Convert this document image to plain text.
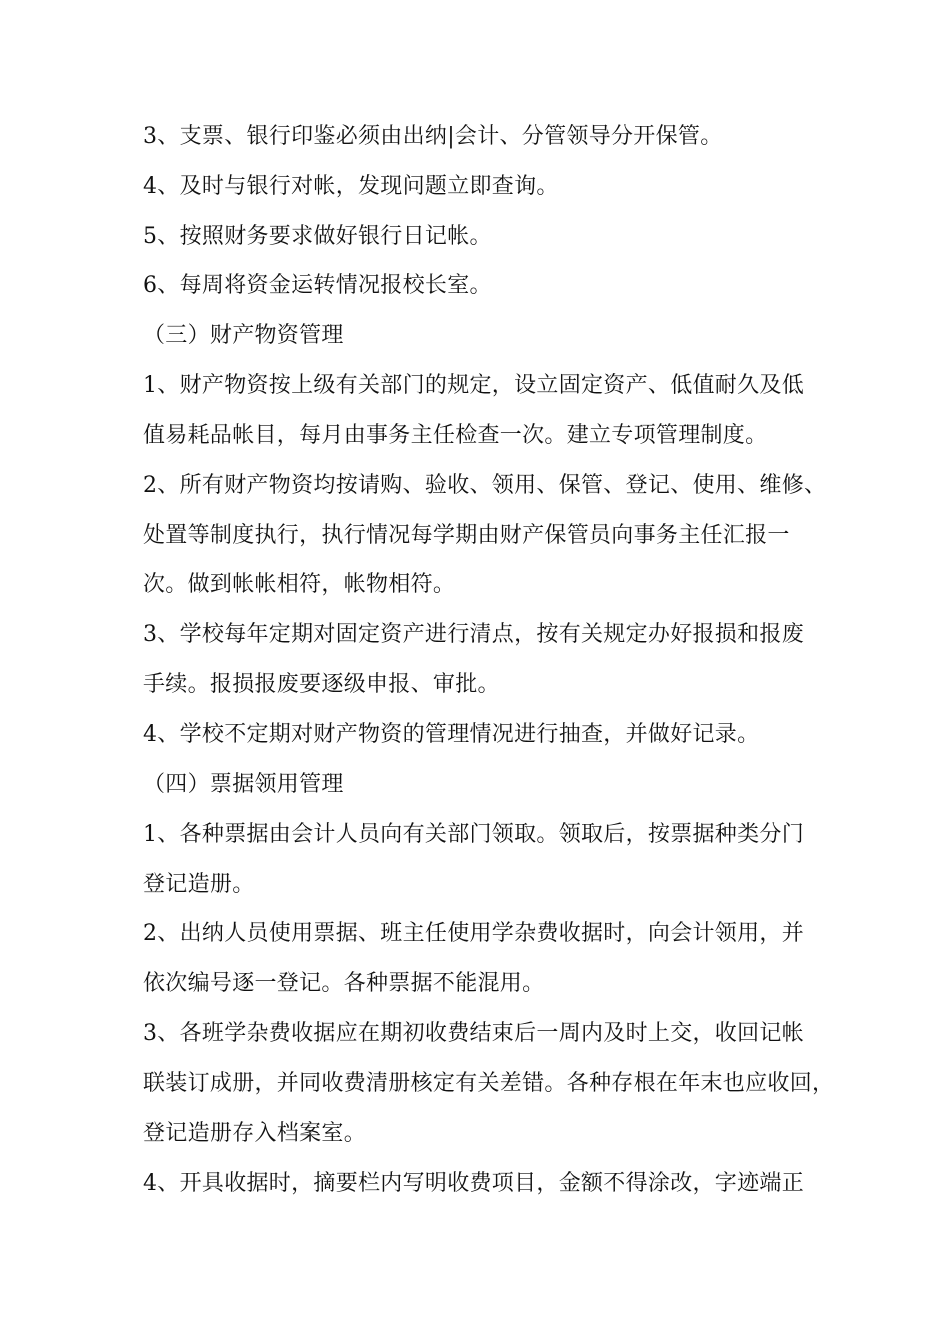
3、支票、银行印鉴必须由出纳|会计、分管领导分开保管。
4、及时与银行对帐，发现问题立即查询。
5、按照财务要求做好银行日记帐。
6、每周将资金运转情况报校长室。
（三）财产物资管理
1、财产物资按上级有关部门的规定，设立固定资产、低值耐久及低
值易耗品帐目，每月由事务主任检查一次。建立专项管理制度。
2、所有财产物资均按请购、验收、领用、保管、登记、使用、维修、
处置等制度执行，执行情况每学期由财产保管员向事务主任汇报一
次。做到帐帐相符，帐物相符。
3、学校每年定期对固定资产进行清点，按有关规定办好报损和报废
手续。报损报废要逐级申报、审批。
4、学校不定期对财产物资的管理情况进行抽查，并做好记录。
（四）票据领用管理
1、各种票据由会计人员向有关部门领取。领取后，按票据种类分门
登记造册。
2、出纳人员使用票据、班主任使用学杂费收据时，向会计领用，并
依次编号逐一登记。各种票据不能混用。
3、各班学杂费收据应在期初收费结束后一周内及时上交，收回记帐
联装订成册，并同收费清册核定有关差错。各种存根在年末也应收回，
登记造册存入档案室。
4、开具收据时，摘要栏内写明收费项目，金额不得涂改，字迹端正
